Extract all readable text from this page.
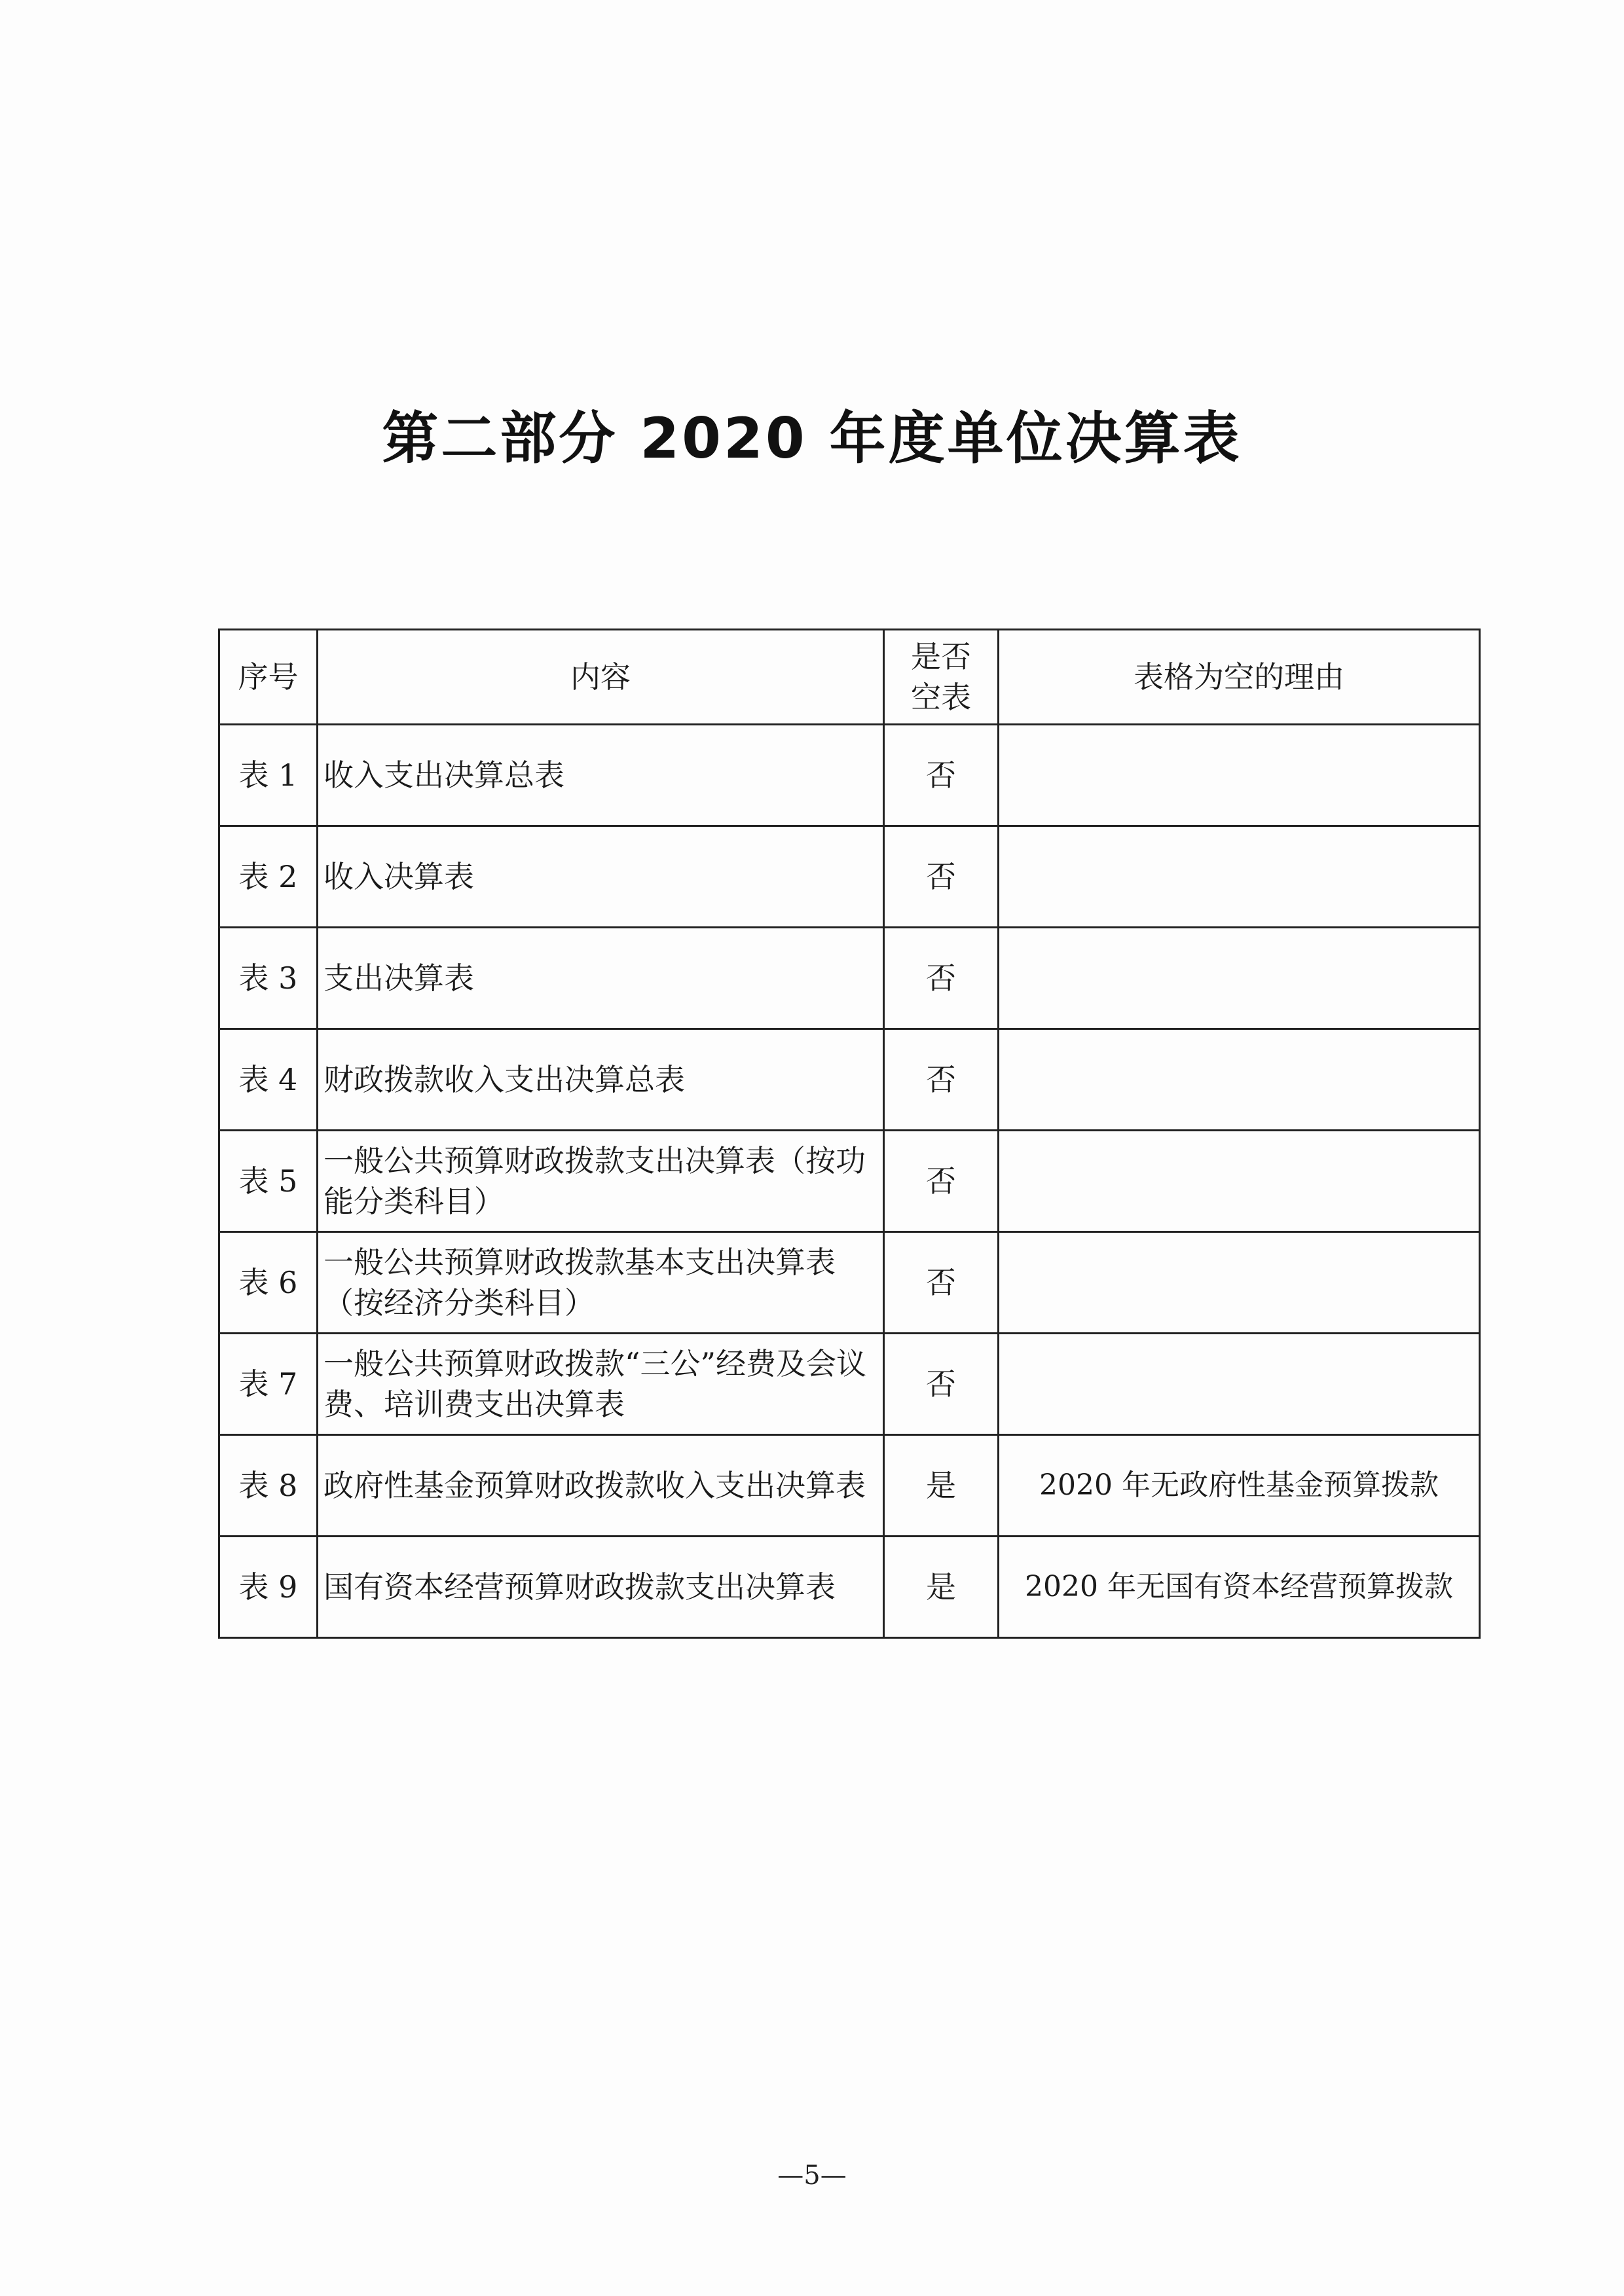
第二部分 2020 年度单位决算表
序号	内容	是否空表	表格为空的理由
表 1	收入支出决算总表	否	
表 2	收入决算表	否	
表 3	支出决算表	否	
表 4	财政拨款收入支出决算总表	否	
表 5	一般公共预算财政拨款支出决算表（按功能分类科目）	否	
表 6	一般公共预算财政拨款基本支出决算表（按经济分类科目）	否	
表 7	一般公共预算财政拨款“三公”经费及会议费、培训费支出决算表	否	
表 8	政府性基金预算财政拨款收入支出决算表	是	2020 年无政府性基金预算拨款
表 9	国有资本经营预算财政拨款支出决算表	是	2020 年无国有资本经营预算拨款
—5—
